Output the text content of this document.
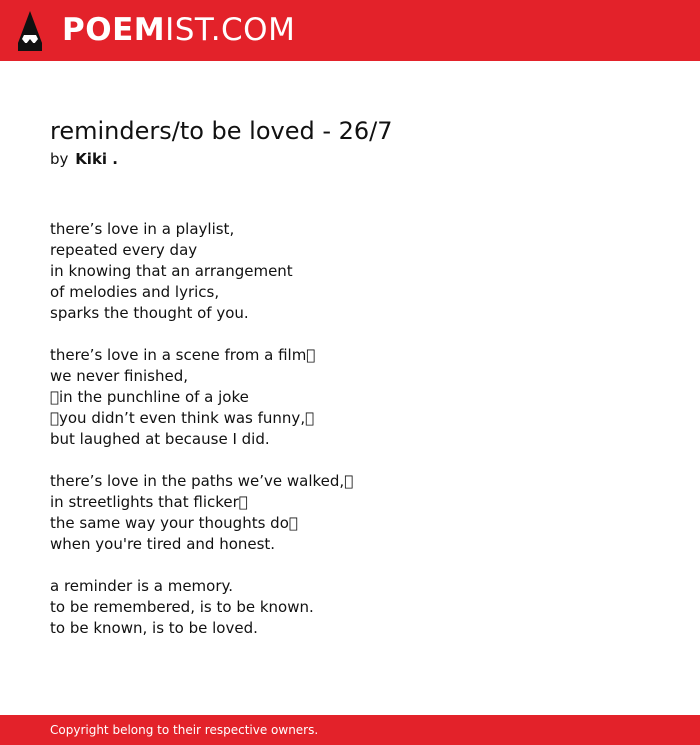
POEMIST.COM
reminders/to be loved - 26/7
by Kiki .

there’s love in a playlist,
repeated every day
in knowing that an arrangement
of melodies and lyrics,
sparks the thought of you.

there’s love in a scene from a film 
we never finished,
 in the punchline of a joke
 you didn’t even think was funny, 
but laughed at because I did.

there’s love in the paths we’ve walked, 
in streetlights that flicker 
the same way your thoughts do 
when you're tired and honest.

a reminder is a memory.
to be remembered, is to be known.
to be known, is to be loved.

Copyright belong to their respective owners.
